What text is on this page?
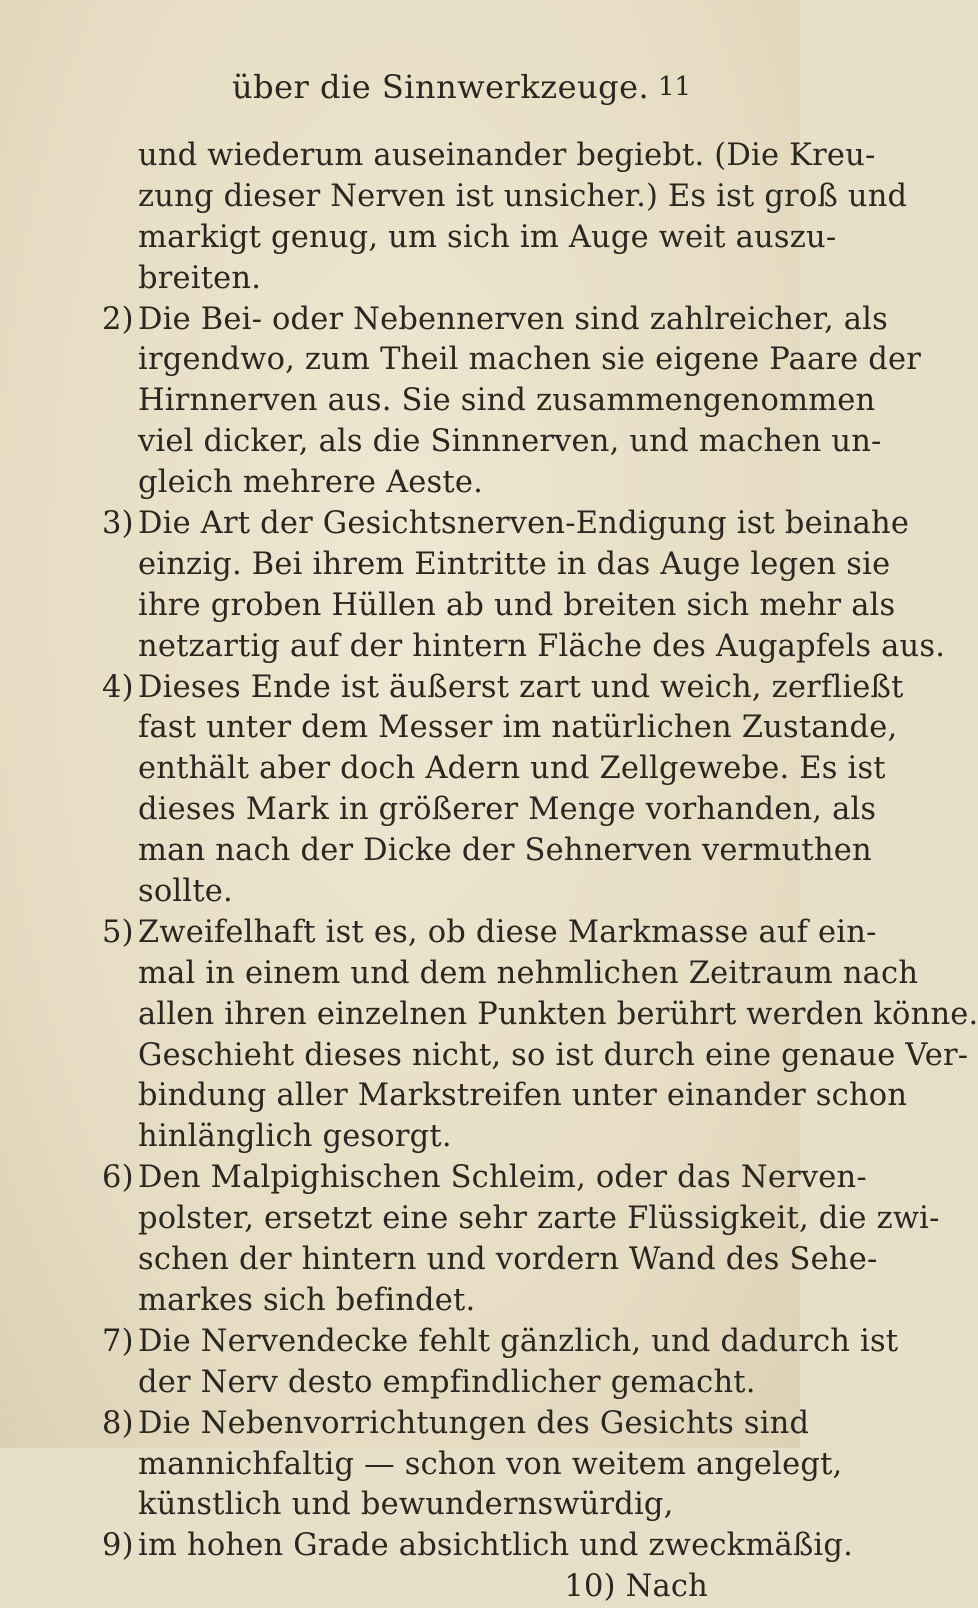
über die Sinnwerkzeuge. 11
und wiederum auseinander begiebt. (Die Kreu-
zung dieser Nerven ist unsicher.) Es ist groß und
markigt genug, um sich im Auge weit auszu-
breiten.
2) Die Bei- oder Nebennerven sind zahlreicher, als
irgendwo, zum Theil machen sie eigene Paare der
Hirnnerven aus. Sie sind zusammengenommen
viel dicker, als die Sinnnerven, und machen un-
gleich mehrere Aeste.
3) Die Art der Gesichtsnerven-Endigung ist beinahe
einzig. Bei ihrem Eintritte in das Auge legen sie
ihre groben Hüllen ab und breiten sich mehr als
netzartig auf der hintern Fläche des Augapfels aus.
4) Dieses Ende ist äußerst zart und weich, zerfließt
fast unter dem Messer im natürlichen Zustande,
enthält aber doch Adern und Zellgewebe. Es ist
dieses Mark in größerer Menge vorhanden, als
man nach der Dicke der Sehnerven vermuthen
sollte.
5) Zweifelhaft ist es, ob diese Markmasse auf ein-
mal in einem und dem nehmlichen Zeitraum nach
allen ihren einzelnen Punkten berührt werden könne.
Geschieht dieses nicht, so ist durch eine genaue Ver-
bindung aller Markstreifen unter einander schon
hinlänglich gesorgt.
6) Den Malpighischen Schleim, oder das Nerven-
polster, ersetzt eine sehr zarte Flüssigkeit, die zwi-
schen der hintern und vordern Wand des Sehe-
markes sich befindet.
7) Die Nervendecke fehlt gänzlich, und dadurch ist
der Nerv desto empfindlicher gemacht.
8) Die Nebenvorrichtungen des Gesichts sind
mannichfaltig — schon von weitem angelegt,
künstlich und bewundernswürdig,
9) im hohen Grade absichtlich und zweckmäßig.
10) Nach
